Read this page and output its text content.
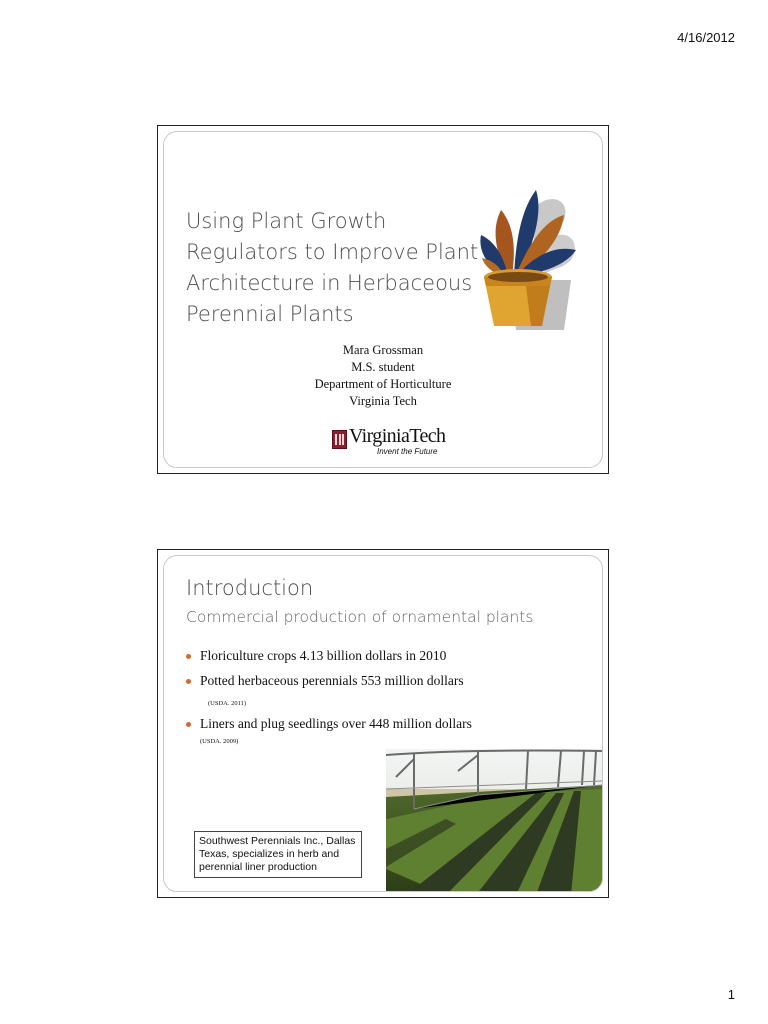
4/16/2012
Using Plant Growth
Regulators to Improve Plant
Architecture in Herbaceous
Perennial Plants
Mara Grossman
M.S. student
Department of Horticulture
Virginia Tech
VirginiaTech
Invent the Future
Introduction
Commercial production of ornamental plants
Floriculture crops 4.13 billion dollars in 2010
Potted herbaceous perennials 553 million dollars
(USDA. 2011)
Liners and plug seedlings over 448 million dollars
(USDA. 2009)
Southwest Perennials Inc., Dallas Texas, specializes in herb and perennial liner production
1
